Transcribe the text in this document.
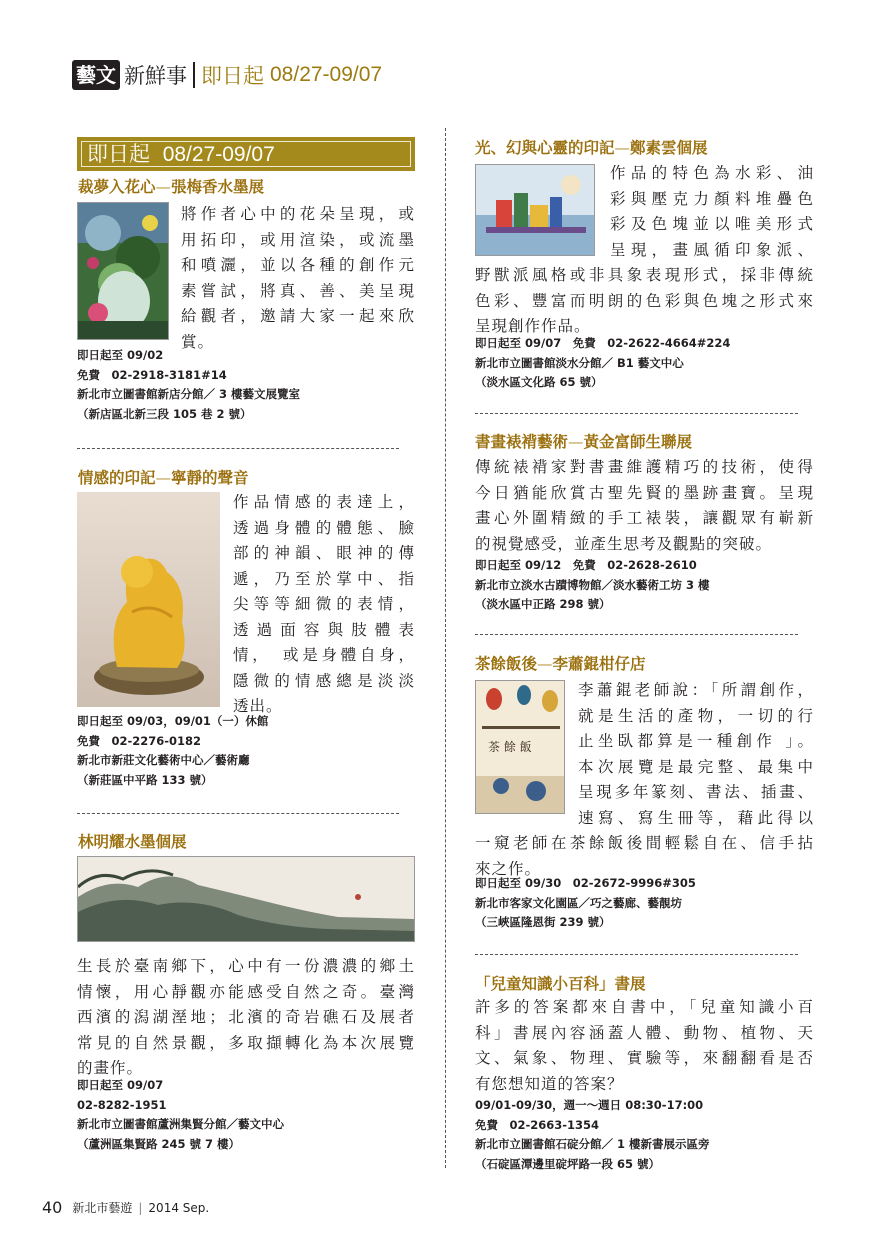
藝文 新鮮事 即日起 08/27-09/07
即日起 08/27-09/07
裁夢入花心—張梅香水墨展
將作者心中的花朵呈現，或
用拓印，或用渲染，或流墨
和噴灑，並以各種的創作元
素嘗試，將真、善、美呈現
給觀者，邀請大家一起來欣
賞。
即日起至 09/02
免費　02-2918-3181#14
新北市立圖書館新店分館／ 3 樓藝文展覽室
（新店區北新三段 105 巷 2 號）
情感的印記—寧靜的聲音
作品情感的表達上，
透過身體的體態、臉
部的神韻、眼神的傳
遞，乃至於掌中、指
尖等等細微的表情，
透過面容與肢體表
情，　或是身體自身，
隱微的情感總是淡淡
透出。
即日起至 09/03，09/01（一）休館
免費　02-2276-0182
新北市新莊文化藝術中心／藝術廳
（新莊區中平路 133 號）
林明耀水墨個展
生長於臺南鄉下，心中有一份濃濃的鄉土
情懷，用心靜觀亦能感受自然之奇。臺灣
西濱的潟湖溼地；北濱的奇岩礁石及展者
常見的自然景觀，多取擷轉化為本次展覽
的畫作。
即日起至 09/07
02-8282-1951
新北市立圖書館蘆洲集賢分館／藝文中心
（蘆洲區集賢路 245 號 7 樓）
光、幻與心靈的印記—鄭素雲個展
作品的特色為水彩、油
彩與壓克力顏料堆疊色
彩及色塊並以唯美形式
呈現，畫風循印象派、
野獸派風格或非具象表現形式，採非傳統
色彩、豐富而明朗的色彩與色塊之形式來
呈現創作作品。
即日起至 09/07　免費　02-2622-4664#224
新北市立圖書館淡水分館／ B1 藝文中心
（淡水區文化路 65 號）
書畫裱褙藝術—黃金富師生聯展
傳統裱褙家對書畫維護精巧的技術，使得
今日猶能欣賞古聖先賢的墨跡畫寶。呈現
畫心外圍精緻的手工裱裝，讓觀眾有嶄新
的視覺感受，並產生思考及觀點的突破。
即日起至 09/12　免費　02-2628-2610
新北市立淡水古蹟博物館／淡水藝術工坊 3 樓
（淡水區中正路 298 號）
茶餘飯後—李蕭錕柑仔店
茶 餘 飯
李蕭錕老師說：「所謂創作，
就是生活的產物，一切的行
止坐臥都算是一種創作 」。
本次展覽是最完整、最集中
呈現多年篆刻、書法、插畫、
速寫、寫生冊等，藉此得以
一窺老師在茶餘飯後間輕鬆自在、信手拈
來之作。
即日起至 09/30　02-2672-9996#305
新北市客家文化園區／巧之藝廊、藝靚坊
（三峽區隆恩街 239 號）
「兒童知識小百科」書展
許多的答案都來自書中，「兒童知識小百
科」書展內容涵蓋人體、動物、植物、天
文、氣象、物理、實驗等，來翻翻看是否
有您想知道的答案？
09/01-09/30，週一～週日 08:30-17:00
免費　02-2663-1354
新北市立圖書館石碇分館／ 1 樓新書展示區旁
（石碇區潭邊里碇坪路一段 65 號）
40 新北市藝遊 | 2014 Sep.
